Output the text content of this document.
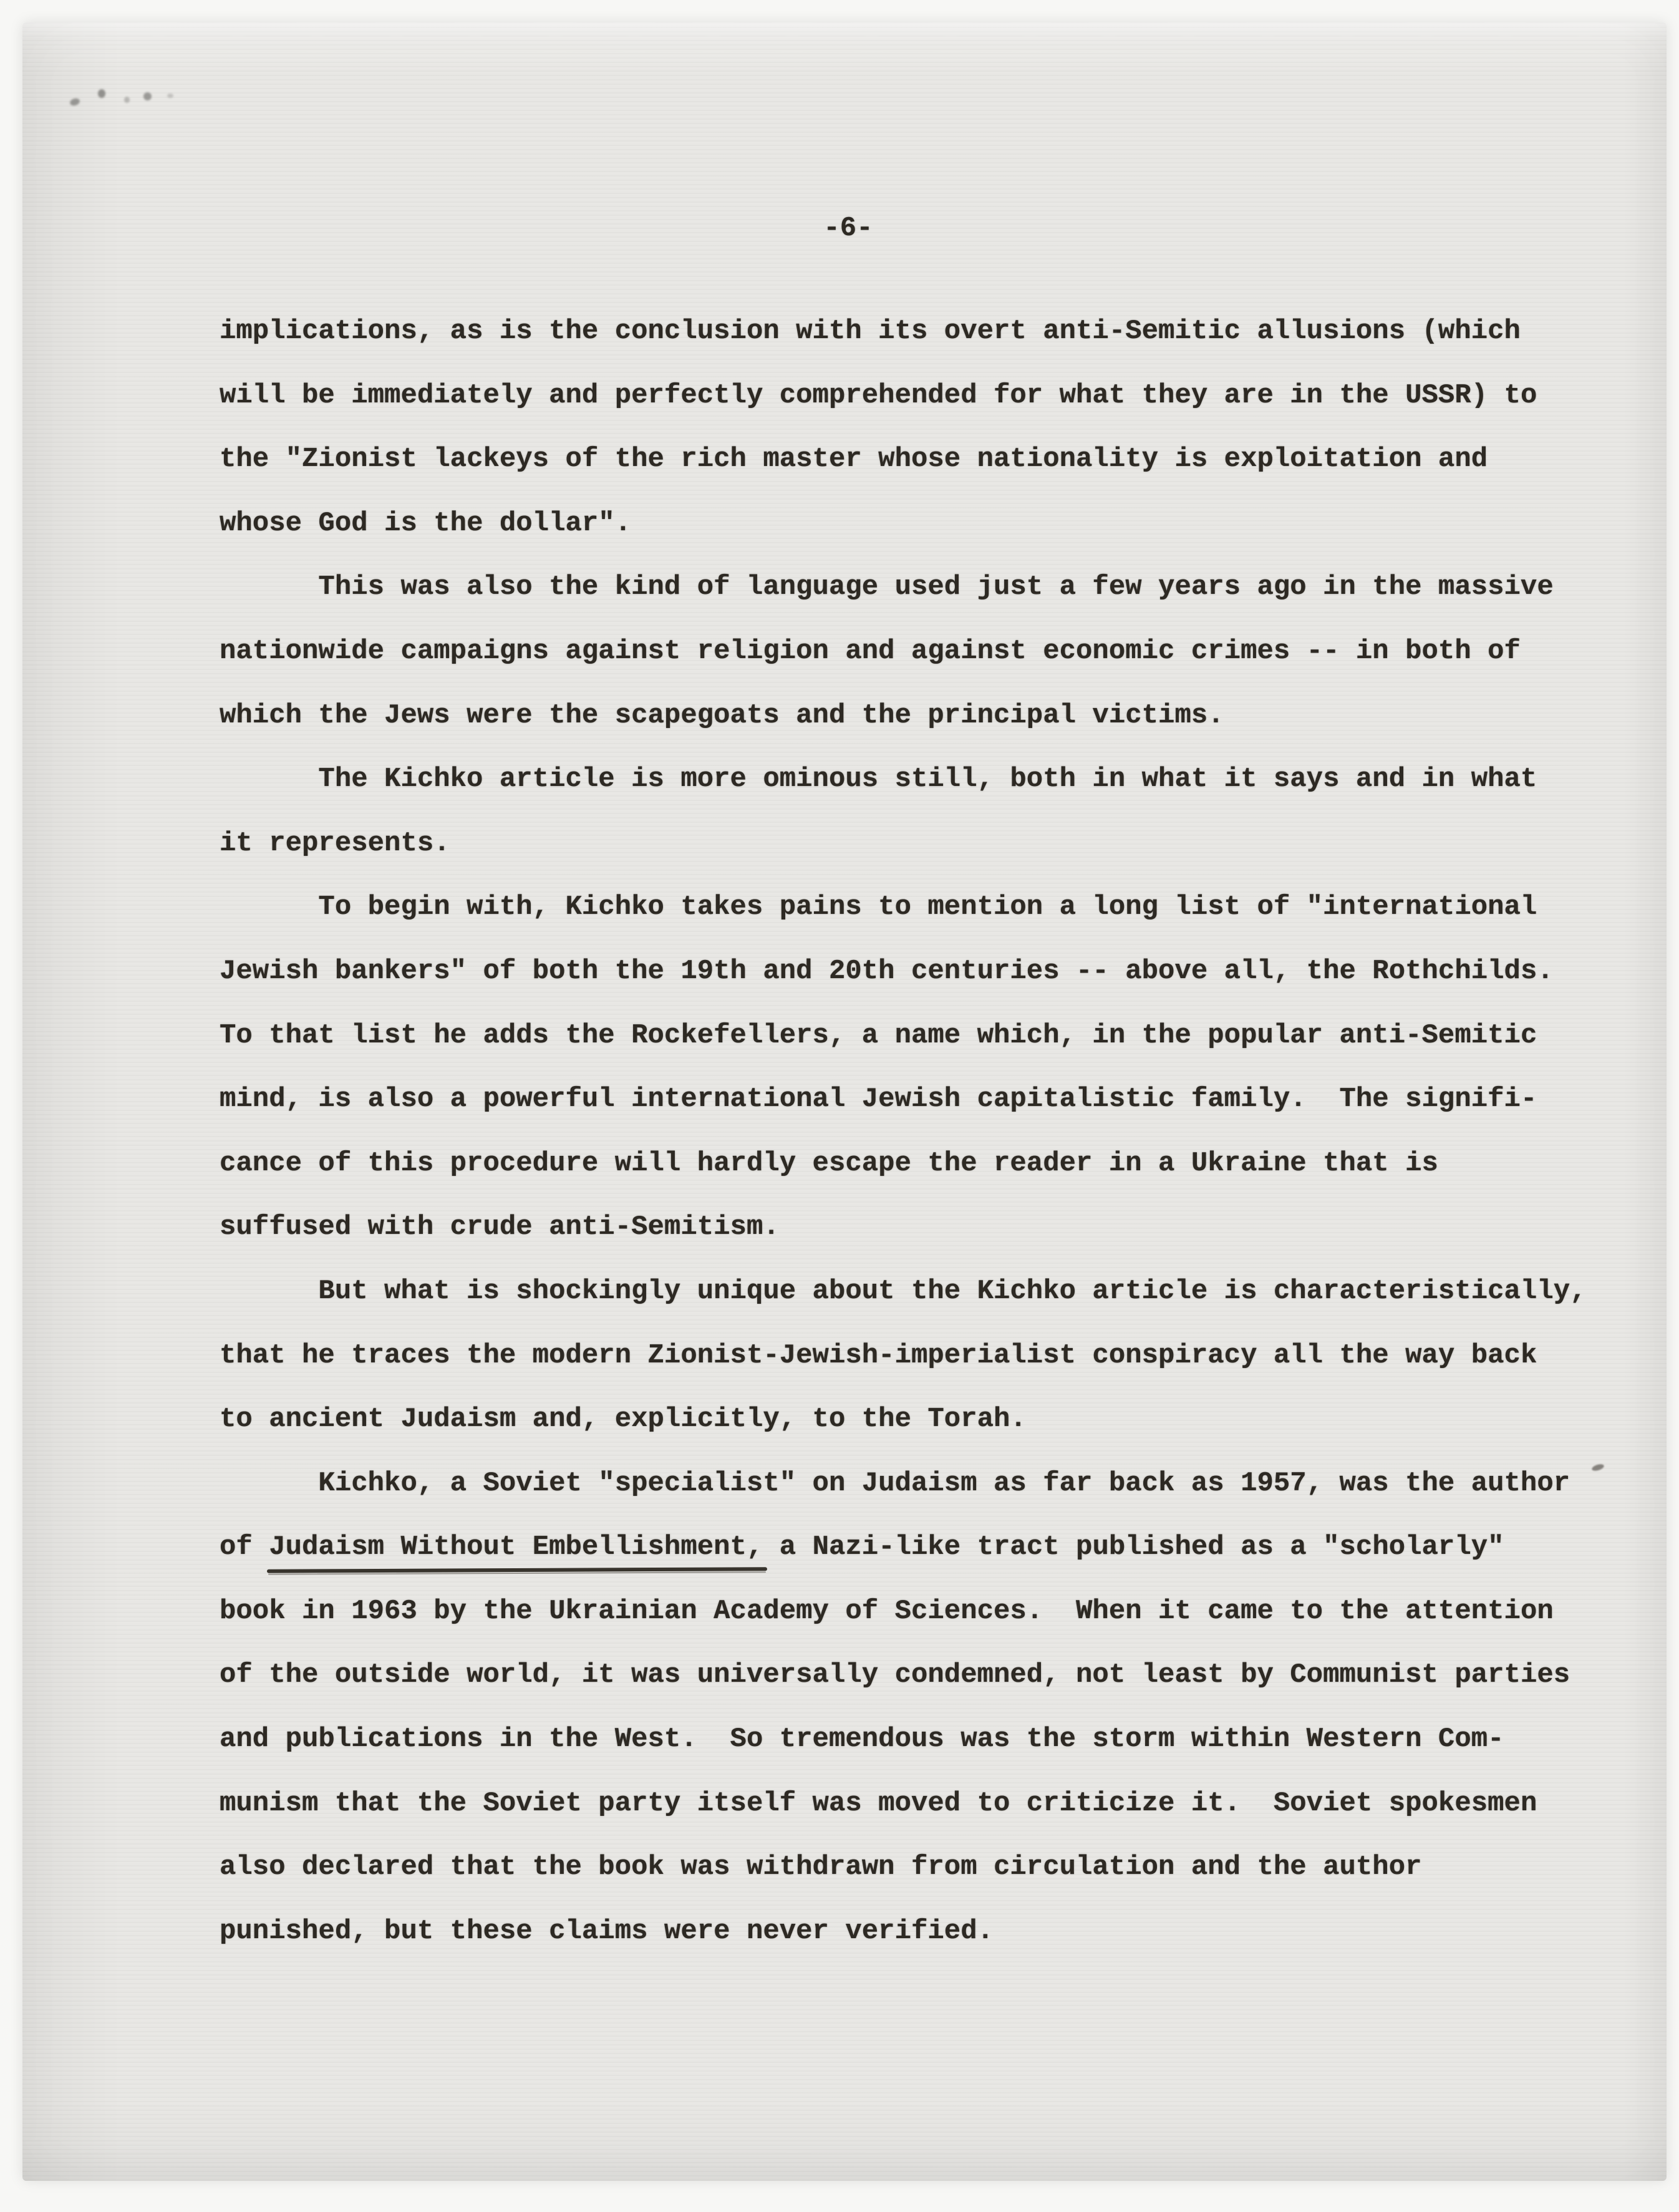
-6-
implications, as is the conclusion with its overt anti-Semitic allusions (which
will be immediately and perfectly comprehended for what they are in the USSR) to
the "Zionist lackeys of the rich master whose nationality is exploitation and
whose God is the dollar".
This was also the kind of language used just a few years ago in the massive
nationwide campaigns against religion and against economic crimes -- in both of
which the Jews were the scapegoats and the principal victims.
The Kichko article is more ominous still, both in what it says and in what
it represents.
To begin with, Kichko takes pains to mention a long list of "international
Jewish bankers" of both the 19th and 20th centuries -- above all, the Rothchilds.
To that list he adds the Rockefellers, a name which, in the popular anti-Semitic
mind, is also a powerful international Jewish capitalistic family.  The signifi-
cance of this procedure will hardly escape the reader in a Ukraine that is
suffused with crude anti-Semitism.
But what is shockingly unique about the Kichko article is characteristically,
that he traces the modern Zionist-Jewish-imperialist conspiracy all the way back
to ancient Judaism and, explicitly, to the Torah.
Kichko, a Soviet "specialist" on Judaism as far back as 1957, was the author
of Judaism Without Embellishment, a Nazi-like tract published as a "scholarly"
book in 1963 by the Ukrainian Academy of Sciences.  When it came to the attention
of the outside world, it was universally condemned, not least by Communist parties
and publications in the West.  So tremendous was the storm within Western Com-
munism that the Soviet party itself was moved to criticize it.  Soviet spokesmen
also declared that the book was withdrawn from circulation and the author
punished, but these claims were never verified.
